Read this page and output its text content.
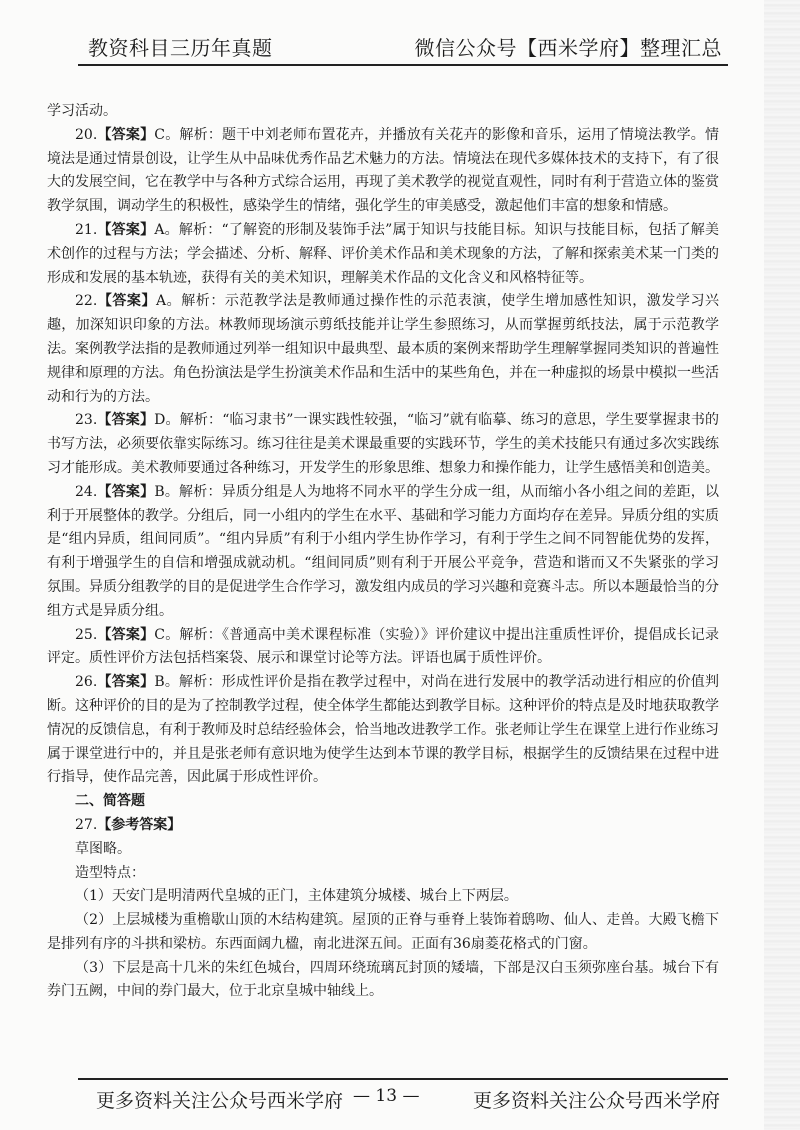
教资科目三历年真题	微信公众号【西米学府】整理汇总

学习活动。

20.【答案】C。解析：题干中刘老师布置花卉，并播放有关花卉的影像和音乐，运用了情境法教学。情境法是通过情景创设，让学生从中品味优秀作品艺术魅力的方法。情境法在现代多媒体技术的支持下，有了很大的发展空间，它在教学中与各种方式综合运用，再现了美术教学的视觉直观性，同时有利于营造立体的鉴赏教学氛围，调动学生的积极性，感染学生的情绪，强化学生的审美感受，激起他们丰富的想象和情感。

21.【答案】A。解析：“了解瓷的形制及装饰手法”属于知识与技能目标。知识与技能目标，包括了解美术创作的过程与方法；学会描述、分析、解释、评价美术作品和美术现象的方法，了解和探索美术某一门类的形成和发展的基本轨迹，获得有关的美术知识，理解美术作品的文化含义和风格特征等。

22.【答案】A。解析：示范教学法是教师通过操作性的示范表演，使学生增加感性知识，激发学习兴趣，加深知识印象的方法。林教师现场演示剪纸技能并让学生参照练习，从而掌握剪纸技法，属于示范教学法。案例教学法指的是教师通过列举一组知识中最典型、最本质的案例来帮助学生理解掌握同类知识的普遍性规律和原理的方法。角色扮演法是学生扮演美术作品和生活中的某些角色，并在一种虚拟的场景中模拟一些活动和行为的方法。

23.【答案】D。解析：“临习隶书”一课实践性较强，“临习”就有临摹、练习的意思，学生要掌握隶书的书写方法，必须要依靠实际练习。练习往往是美术课最重要的实践环节，学生的美术技能只有通过多次实践练习才能形成。美术教师要通过各种练习，开发学生的形象思维、想象力和操作能力，让学生感悟美和创造美。

24.【答案】B。解析：异质分组是人为地将不同水平的学生分成一组，从而缩小各小组之间的差距，以利于开展整体的教学。分组后，同一小组内的学生在水平、基础和学习能力方面均存在差异。异质分组的实质是“组内异质，组间同质”。“组内异质”有利于小组内学生协作学习，有利于学生之间不同智能优势的发挥，有利于增强学生的自信和增强成就动机。“组间同质”则有利于开展公平竞争，营造和谐而又不失紧张的学习氛围。异质分组教学的目的是促进学生合作学习，激发组内成员的学习兴趣和竞赛斗志。所以本题最恰当的分组方式是异质分组。

25.【答案】C。解析：《普通高中美术课程标准（实验）》评价建议中提出注重质性评价，提倡成长记录评定。质性评价方法包括档案袋、展示和课堂讨论等方法。评语也属于质性评价。

26.【答案】B。解析：形成性评价是指在教学过程中，对尚在进行发展中的教学活动进行相应的价值判断。这种评价的目的是为了控制教学过程，使全体学生都能达到教学目标。这种评价的特点是及时地获取教学情况的反馈信息，有利于教师及时总结经验体会，恰当地改进教学工作。张老师让学生在课堂上进行作业练习属于课堂进行中的，并且是张老师有意识地为使学生达到本节课的教学目标，根据学生的反馈结果在过程中进行指导，使作品完善，因此属于形成性评价。

二、简答题

27.【参考答案】

草图略。

造型特点：

（1）天安门是明清两代皇城的正门，主体建筑分城楼、城台上下两层。

（2）上层城楼为重檐歇山顶的木结构建筑。屋顶的正脊与垂脊上装饰着鸱吻、仙人、走兽。大殿飞檐下是排列有序的斗拱和梁枋。东西面阔九楹，南北进深五间。正面有36扇菱花格式的门窗。

（3）下层是高十几米的朱红色城台，四周环绕琉璃瓦封顶的矮墙，下部是汉白玉须弥座台基。城台下有券门五阙，中间的券门最大，位于北京皇城中轴线上。

更多资料关注公众号西米学府 — 13 —	更多资料关注公众号西米学府
